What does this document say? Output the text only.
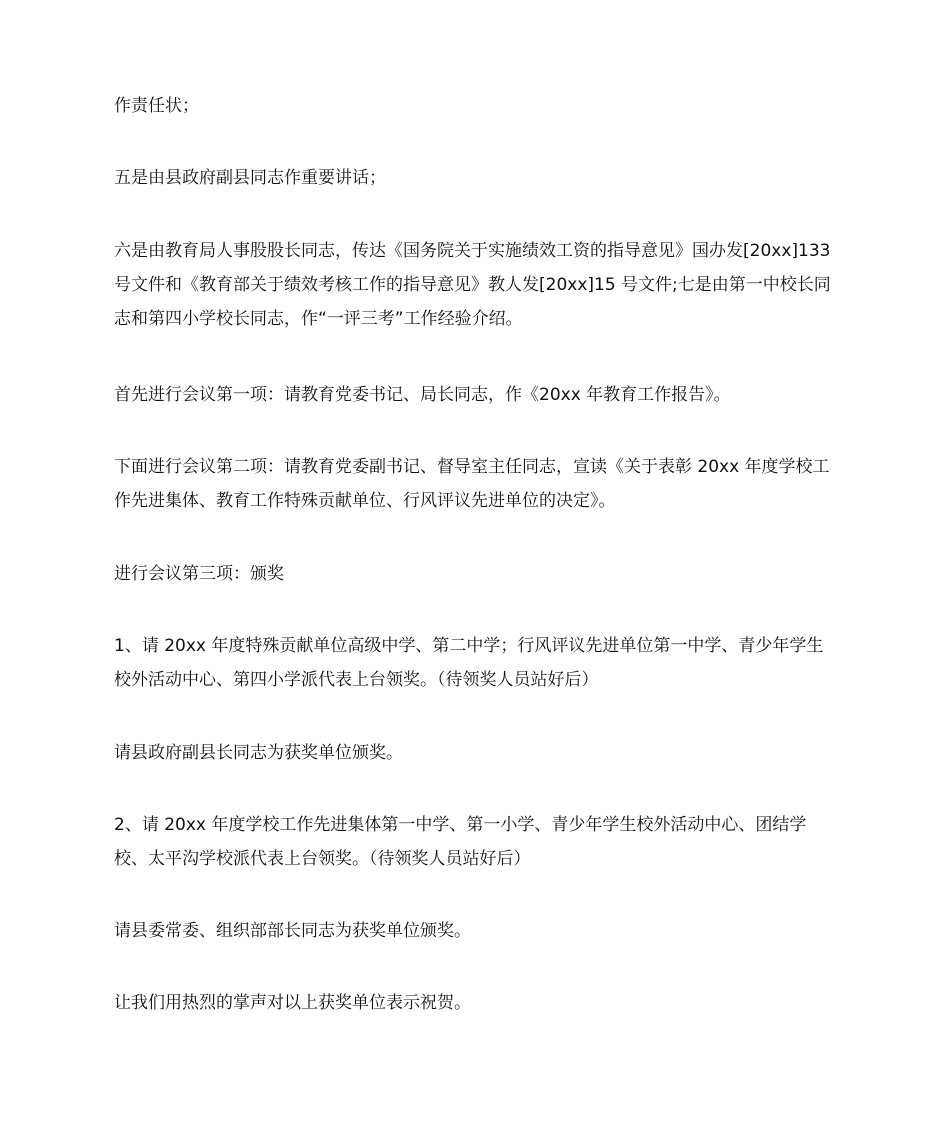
作责任状；

五是由县政府副县同志作重要讲话；

六是由教育局人事股股长同志，传达《国务院关于实施绩效工资的指导意见》国办发[20xx]133 号文件和《教育部关于绩效考核工作的指导意见》教人发[20xx]15 号文件;七是由第一中校长同志和第四小学校长同志，作“一评三考”工作经验介绍。

首先进行会议第一项：请教育党委书记、局长同志，作《20xx 年教育工作报告》。

下面进行会议第二项：请教育党委副书记、督导室主任同志，宣读《关于表彰 20xx 年度学校工作先进集体、教育工作特殊贡献单位、行风评议先进单位的决定》。

进行会议第三项：颁奖

1、请 20xx 年度特殊贡献单位高级中学、第二中学；行风评议先进单位第一中学、青少年学生校外活动中心、第四小学派代表上台领奖。（待领奖人员站好后）

请县政府副县长同志为获奖单位颁奖。

2、请 20xx 年度学校工作先进集体第一中学、第一小学、青少年学生校外活动中心、团结学校、太平沟学校派代表上台领奖。（待领奖人员站好后）

请县委常委、组织部部长同志为获奖单位颁奖。

让我们用热烈的掌声对以上获奖单位表示祝贺。
